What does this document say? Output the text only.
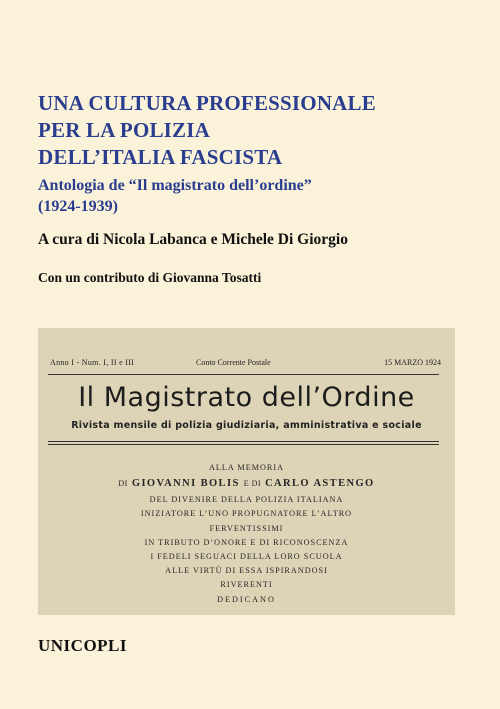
UNA CULTURA PROFESSIONALE
PER LA POLIZIA
DELL’ITALIA FASCISTA
Antologia de “Il magistrato dell’ordine”
(1924-1939)
A cura di Nicola Labanca e Michele Di Giorgio
Con un contributo di Giovanna Tosatti
Anno I - Num. I, II e III	Conto Corrente Postale	15 MARZO 1924
Il Magistrato dell’Ordine
Rivista mensile di polizia giudiziaria, amministrativa e sociale
ALLA MEMORIA
DI GIOVANNI BOLIS E DI CARLO ASTENGO
DEL DIVENIRE DELLA POLIZIA ITALIANA
INIZIATORE L’UNO PROPUGNATORE L’ALTRO
FERVENTISSIMI
IN TRIBUTO D’ONORE E DI RICONOSCENZA
I FEDELI SEGUACI DELLA LORO SCUOLA
ALLE VIRTÙ DI ESSA ISPIRANDOSI
RIVERENTI
DEDICANO
UNICOPLI
